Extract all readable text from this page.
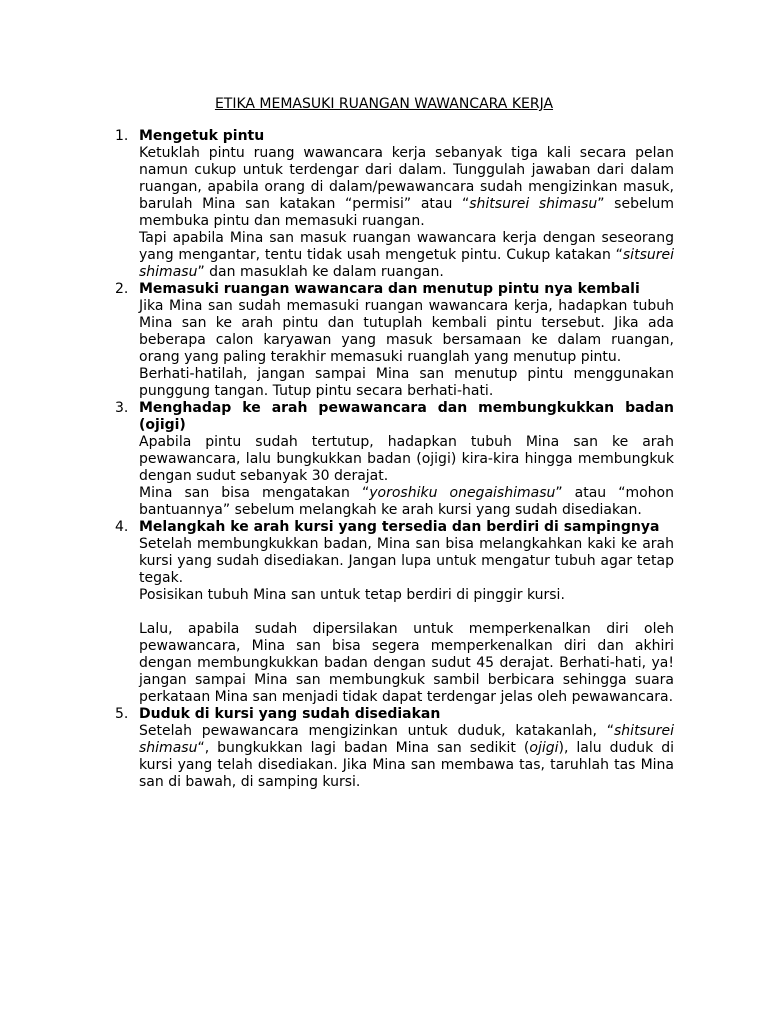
ETIKA MEMASUKI RUANGAN WAWANCARA KERJA
1. Mengetuk pintu
Ketuklah pintu ruang wawancara kerja sebanyak tiga kali secara pelan namun cukup untuk terdengar dari dalam. Tunggulah jawaban dari dalam ruangan, apabila orang di dalam/pewawancara sudah mengizinkan masuk, barulah Mina san katakan “permisi” atau “shitsurei shimasu” sebelum membuka pintu dan memasuki ruangan.
Tapi apabila Mina san masuk ruangan wawancara kerja dengan seseorang yang mengantar, tentu tidak usah mengetuk pintu. Cukup katakan “sitsurei shimasu” dan masuklah ke dalam ruangan.
2. Memasuki ruangan wawancara dan menutup pintu nya kembali
Jika Mina san sudah memasuki ruangan wawancara kerja, hadapkan tubuh Mina san ke arah pintu dan tutuplah kembali pintu tersebut. Jika ada beberapa calon karyawan yang masuk bersamaan ke dalam ruangan, orang yang paling terakhir memasuki ruanglah yang menutup pintu.
Berhati-hatilah, jangan sampai Mina san menutup pintu menggunakan punggung tangan. Tutup pintu secara berhati-hati.
3. Menghadap ke arah pewawancara dan membungkukkan badan (ojigi)
Apabila pintu sudah tertutup, hadapkan tubuh Mina san ke arah pewawancara, lalu bungkukkan badan (ojigi) kira-kira hingga membungkuk dengan sudut sebanyak 30 derajat.
Mina san bisa mengatakan “yoroshiku onegaishimasu” atau “mohon bantuannya” sebelum melangkah ke arah kursi yang sudah disediakan.
4. Melangkah ke arah kursi yang tersedia dan berdiri di sampingnya
Setelah membungkukkan badan, Mina san bisa melangkahkan kaki ke arah kursi yang sudah disediakan. Jangan lupa untuk mengatur tubuh agar tetap tegak.
Posisikan tubuh Mina san untuk tetap berdiri di pinggir kursi.
Lalu, apabila sudah dipersilakan untuk memperkenalkan diri oleh pewawancara, Mina san bisa segera memperkenalkan diri dan akhiri dengan membungkukkan badan dengan sudut 45 derajat. Berhati-hati, ya! jangan sampai Mina san membungkuk sambil berbicara sehingga suara perkataan Mina san menjadi tidak dapat terdengar jelas oleh pewawancara.
5. Duduk di kursi yang sudah disediakan
Setelah pewawancara mengizinkan untuk duduk, katakanlah, “shitsurei shimasu“, bungkukkan lagi badan Mina san sedikit (ojigi), lalu duduk di kursi yang telah disediakan. Jika Mina san membawa tas, taruhlah tas Mina san di bawah, di samping kursi.
